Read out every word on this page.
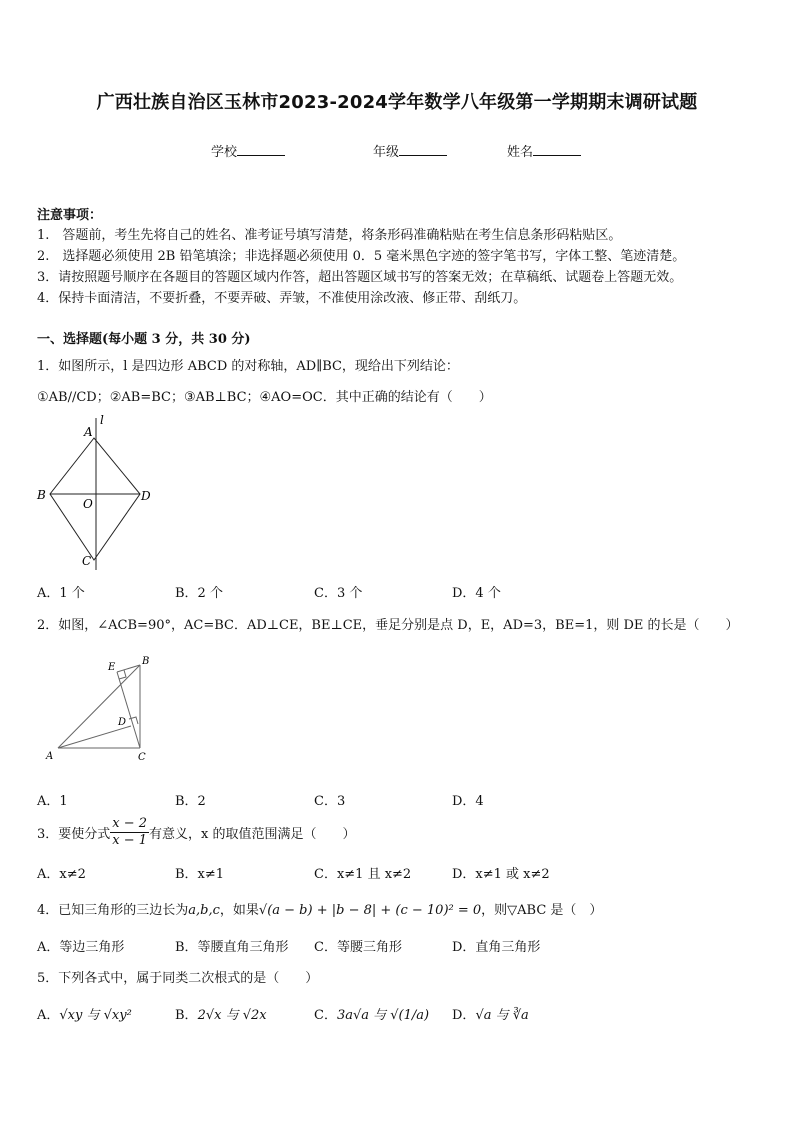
广西壮族自治区玉林市2023-2024学年数学八年级第一学期期末调研试题
学校	年级	姓名
注意事项：
1.　答题前，考生先将自己的姓名、准考证号填写清楚，将条形码准确粘贴在考生信息条形码粘贴区。
2.　选择题必须使用 2B 铅笔填涂；非选择题必须使用 0．5 毫米黑色字迹的签字笔书写，字体工整、笔迹清楚。
3．请按照题号顺序在各题目的答题区域内作答，超出答题区域书写的答案无效；在草稿纸、试题卷上答题无效。
4．保持卡面清洁，不要折叠，不要弄破、弄皱，不准使用涂改液、修正带、刮纸刀。
一、选择题(每小题 3 分，共 30 分)
1．如图所示，l 是四边形 ABCD 的对称轴，AD∥BC，现给出下列结论：
①AB//CD；②AB=BC；③AB⊥BC；④AO=OC．其中正确的结论有（　　）
A
l
B	D
O
C
A．1 个	B．2 个	C．3 个	D．4 个
2．如图，∠ACB=90°，AC=BC．AD⊥CE，BE⊥CE，垂足分别是点 D，E，AD=3，BE=1，则 DE 的长是（　　）
A
B
C
D
E
A．1	B．2	C．3	D．4
3．要使分式 $\frac{x - 2}{x - 1}$ 有意义，x 的取值范围满足（　　）
A．x≠2	B．x≠1	C．x≠1 且 x≠2	D．x≠1 或 x≠2
4．已知三角形的三边长为a,b,c，如果√(a − b) + |b − 8| + (c − 10)² = 0，则▽ABC 是（　）
A．等边三角形	B．等腰直角三角形 C．等腰三角形	D．直角三角形
5．下列各式中，属于同类二次根式的是（　　）
A．√xy 与 √xy²	B．2√x 与 √2x	C．3a√a 与 √(1/a) D．√a 与 ∛a
